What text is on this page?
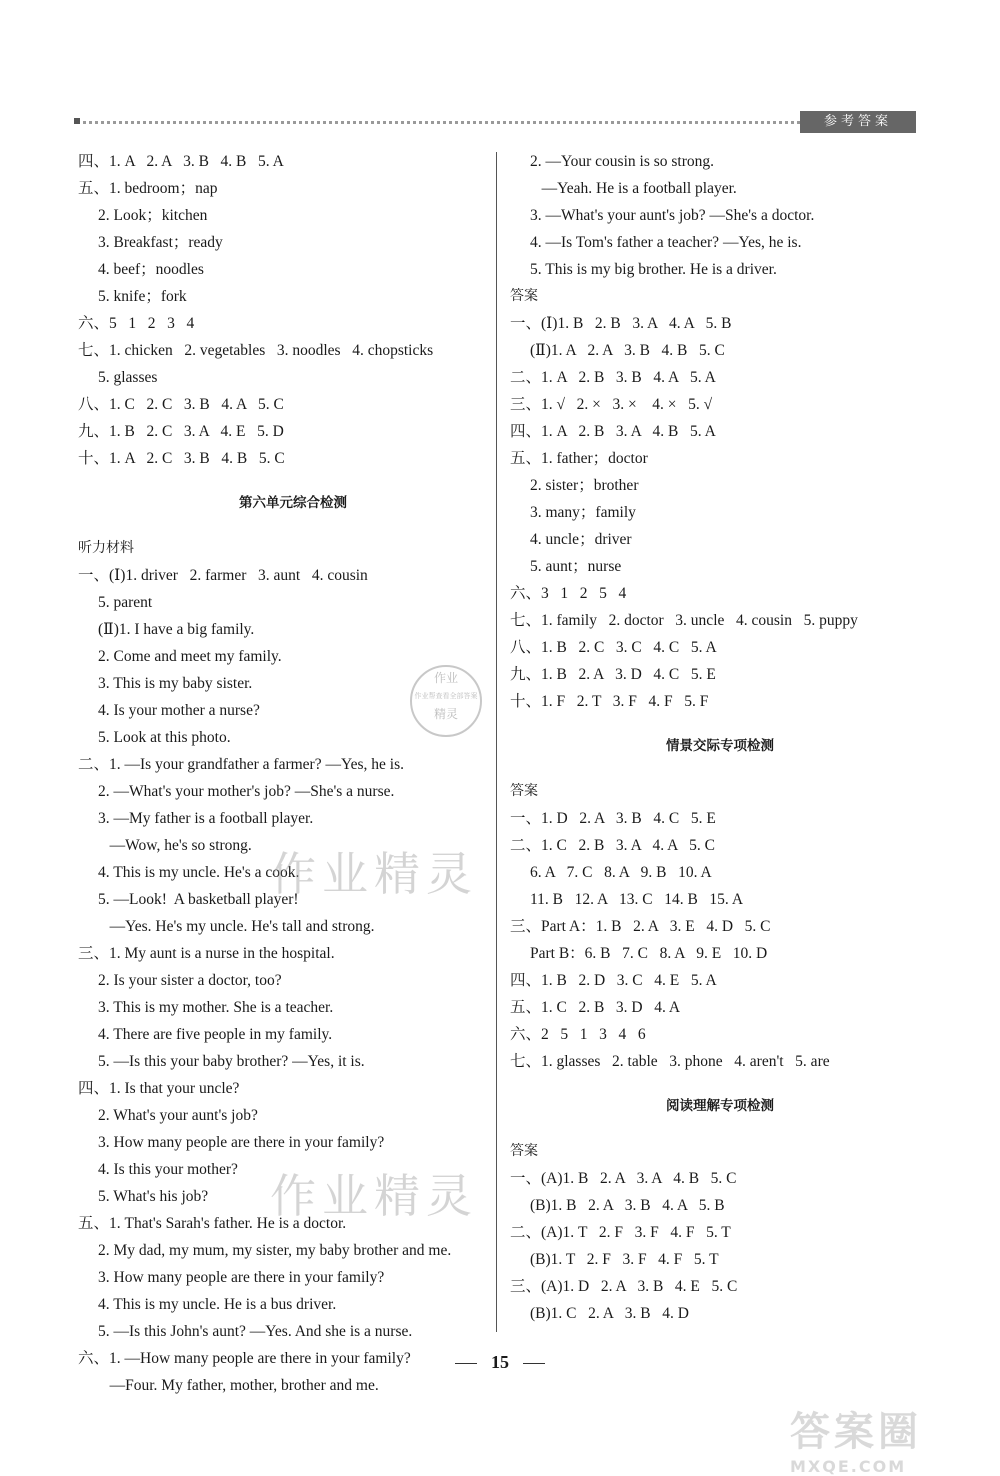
参考答案
四、1. A   2. A   3. B   4. B   5. A
五、1. bedroom；nap
2. Look；kitchen
3. Breakfast；ready
4. beef；noodles
5. knife；fork
六、5   1   2   3   4
七、1. chicken   2. vegetables   3. noodles   4. chopsticks
5. glasses
八、1. C   2. C   3. B   4. A   5. C
九、1. B   2. C   3. A   4. E   5. D
十、1. A   2. C   3. B   4. B   5. C
第六单元综合检测
听力材料
一、(Ⅰ)1. driver   2. farmer   3. aunt   4. cousin
5. parent
(Ⅱ)1. I have a big family.
2. Come and meet my family.
3. This is my baby sister.
4. Is your mother a nurse?
5. Look at this photo.
二、1. —Is your grandfather a farmer? —Yes, he is.
2. —What's your mother's job? —She's a nurse.
3. —My father is a football player.
—Wow, he's so strong.
4. This is my uncle. He's a cook.
5. —Look!  A basketball player!
—Yes. He's my uncle. He's tall and strong.
三、1. My aunt is a nurse in the hospital.
2. Is your sister a doctor, too?
3. This is my mother. She is a teacher.
4. There are five people in my family.
5. —Is this your baby brother? —Yes, it is.
四、1. Is that your uncle?
2. What's your aunt's job?
3. How many people are there in your family?
4. Is this your mother?
5. What's his job?
五、1. That's Sarah's father. He is a doctor.
2. My dad, my mum, my sister, my baby brother and me.
3. How many people are there in your family?
4. This is my uncle. He is a bus driver.
5. —Is this John's aunt? —Yes. And she is a nurse.
六、1. —How many people are there in your family?
—Four. My father, mother, brother and me.
2. —Your cousin is so strong.
—Yeah. He is a football player.
3. —What's your aunt's job? —She's a doctor.
4. —Is Tom's father a teacher? —Yes, he is.
5. This is my big brother. He is a driver.
答案
一、(Ⅰ)1. B   2. B   3. A   4. A   5. B
(Ⅱ)1. A   2. A   3. B   4. B   5. C
二、1. A   2. B   3. B   4. A   5. A
三、1. √   2. ×   3. ×    4. ×   5. √
四、1. A   2. B   3. A   4. B   5. A
五、1. father；doctor
2. sister；brother
3. many；family
4. uncle；driver
5. aunt；nurse
六、3   1   2   5   4
七、1. family   2. doctor   3. uncle   4. cousin   5. puppy
八、1. B   2. C   3. C   4. C   5. A
九、1. B   2. A   3. D   4. C   5. E
十、1. F   2. T   3. F   4. F   5. F
情景交际专项检测
答案
一、1. D   2. A   3. B   4. C   5. E
二、1. C   2. B   3. A   4. A   5. C
6. A   7. C   8. A   9. B   10. A
11. B   12. A   13. C   14. B   15. A
三、Part A：1. B   2. A   3. E   4. D   5. C
Part B：6. B   7. C   8. A   9. E   10. D
四、1. B   2. D   3. C   4. E   5. A
五、1. C   2. B   3. D   4. A
六、2   5   1   3   4   6
七、1. glasses   2. table   3. phone   4. aren't   5. are
阅读理解专项检测
答案
一、(A)1. B   2. A   3. A   4. B   5. C
(B)1. B   2. A   3. B   4. A   5. B
二、(A)1. T   2. F   3. F   4. F   5. T
(B)1. T   2. F   3. F   4. F   5. T
三、(A)1. D   2. A   3. B   4. E   5. C
(B)1. C   2. A   3. B   4. D
作业
作业帮查看全部答案
精灵
作业精灵
作业精灵
15
答案圈
MXQE.COM
